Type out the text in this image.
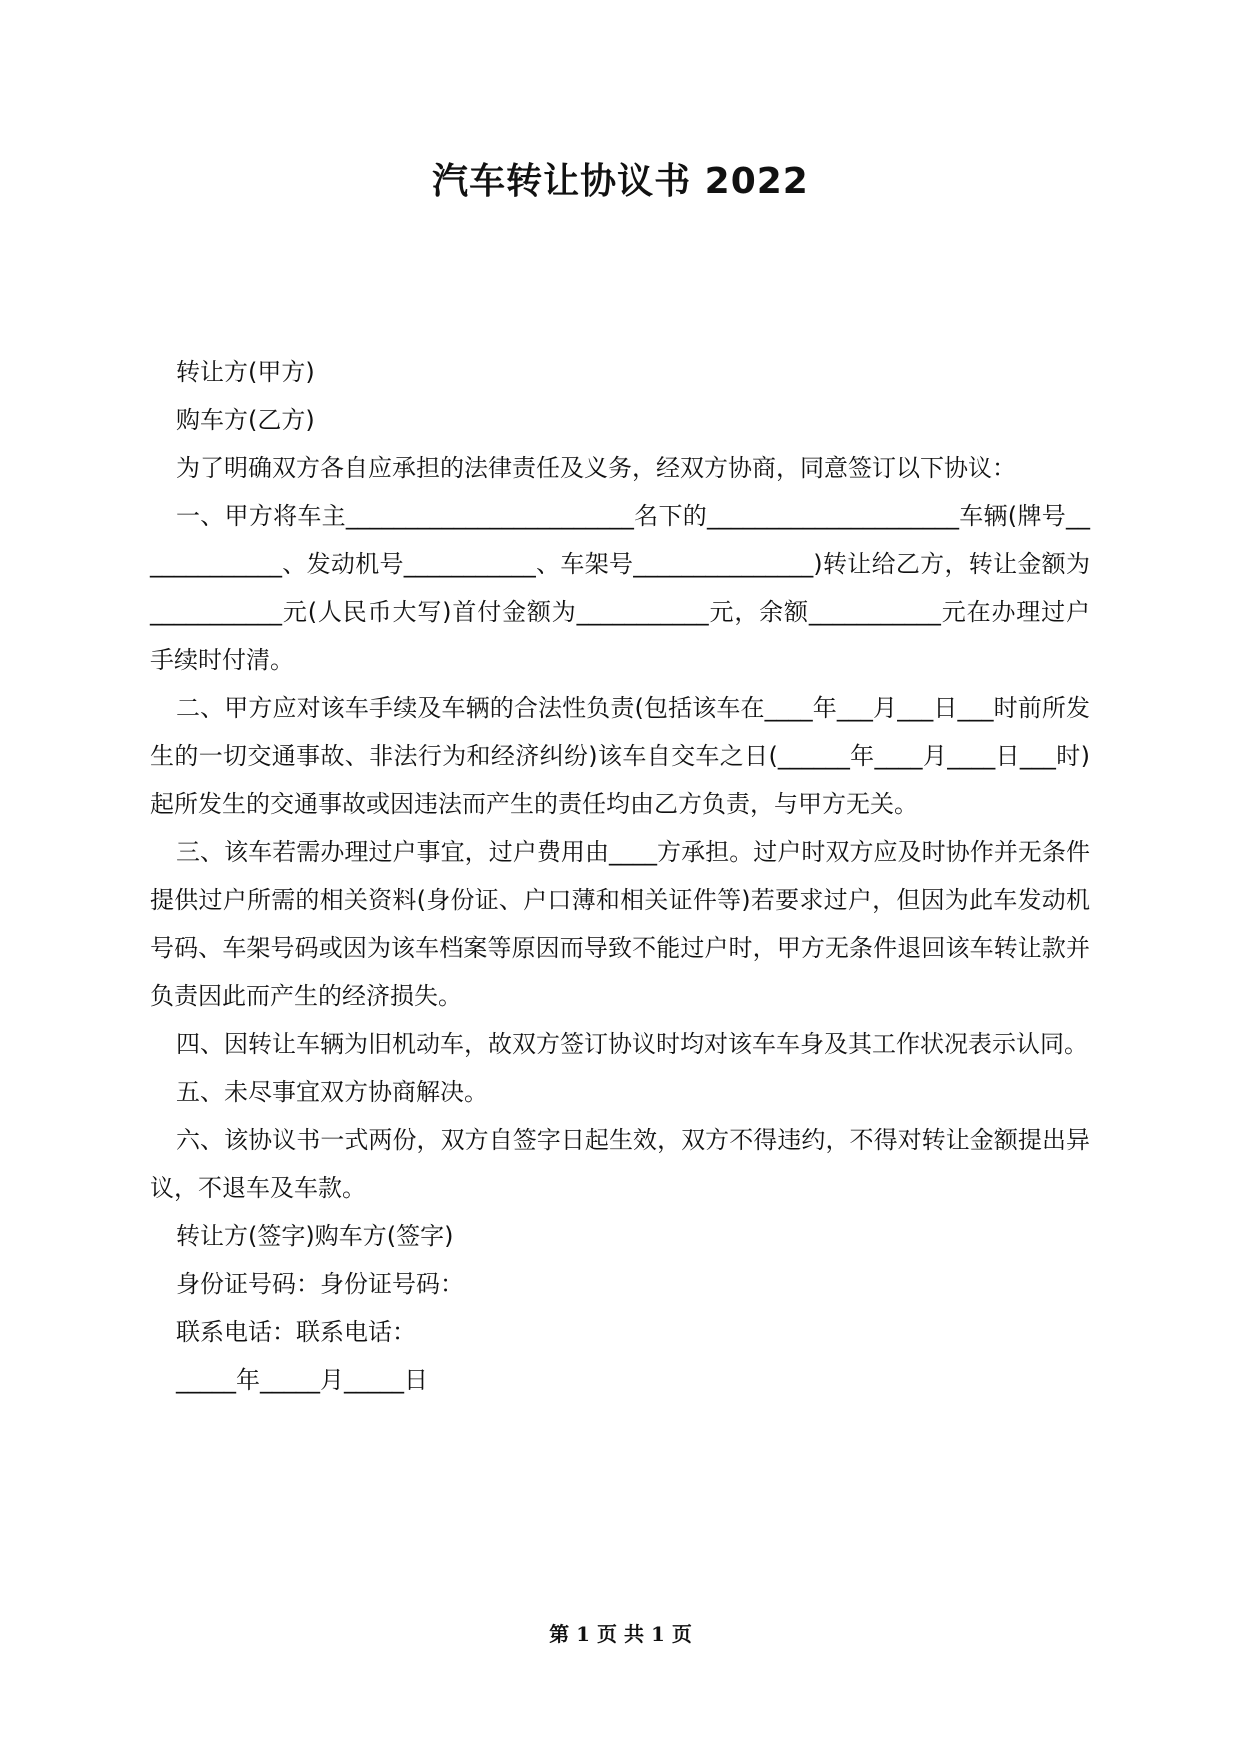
汽车转让协议书 2022

转让方(甲方)

购车方(乙方)

为了明确双方各自应承担的法律责任及义务，经双方协商，同意签订以下协议：

一、甲方将车主________________________名下的_____________________车辆(牌号_____________、发动机号___________、车架号_______________)转让给乙方，转让金额为___________元(人民币大写)首付金额为___________元，余额___________元在办理过户手续时付清。

二、甲方应对该车手续及车辆的合法性负责(包括该车在____年___月___日___时前所发生的一切交通事故、非法行为和经济纠纷)该车自交车之日(______年____月____日___时)起所发生的交通事故或因违法而产生的责任均由乙方负责，与甲方无关。

三、该车若需办理过户事宜，过户费用由____方承担。过户时双方应及时协作并无条件提供过户所需的相关资料(身份证、户口薄和相关证件等)若要求过户，但因为此车发动机号码、车架号码或因为该车档案等原因而导致不能过户时，甲方无条件退回该车转让款并负责因此而产生的经济损失。

四、因转让车辆为旧机动车，故双方签订协议时均对该车车身及其工作状况表示认同。

五、未尽事宜双方协商解决。

六、该协议书一式两份，双方自签字日起生效，双方不得违约，不得对转让金额提出异议，不退车及车款。

转让方(签字)购车方(签字)

身份证号码：身份证号码：

联系电话：联系电话：

_____年_____月_____日

第 1 页 共 1 页
